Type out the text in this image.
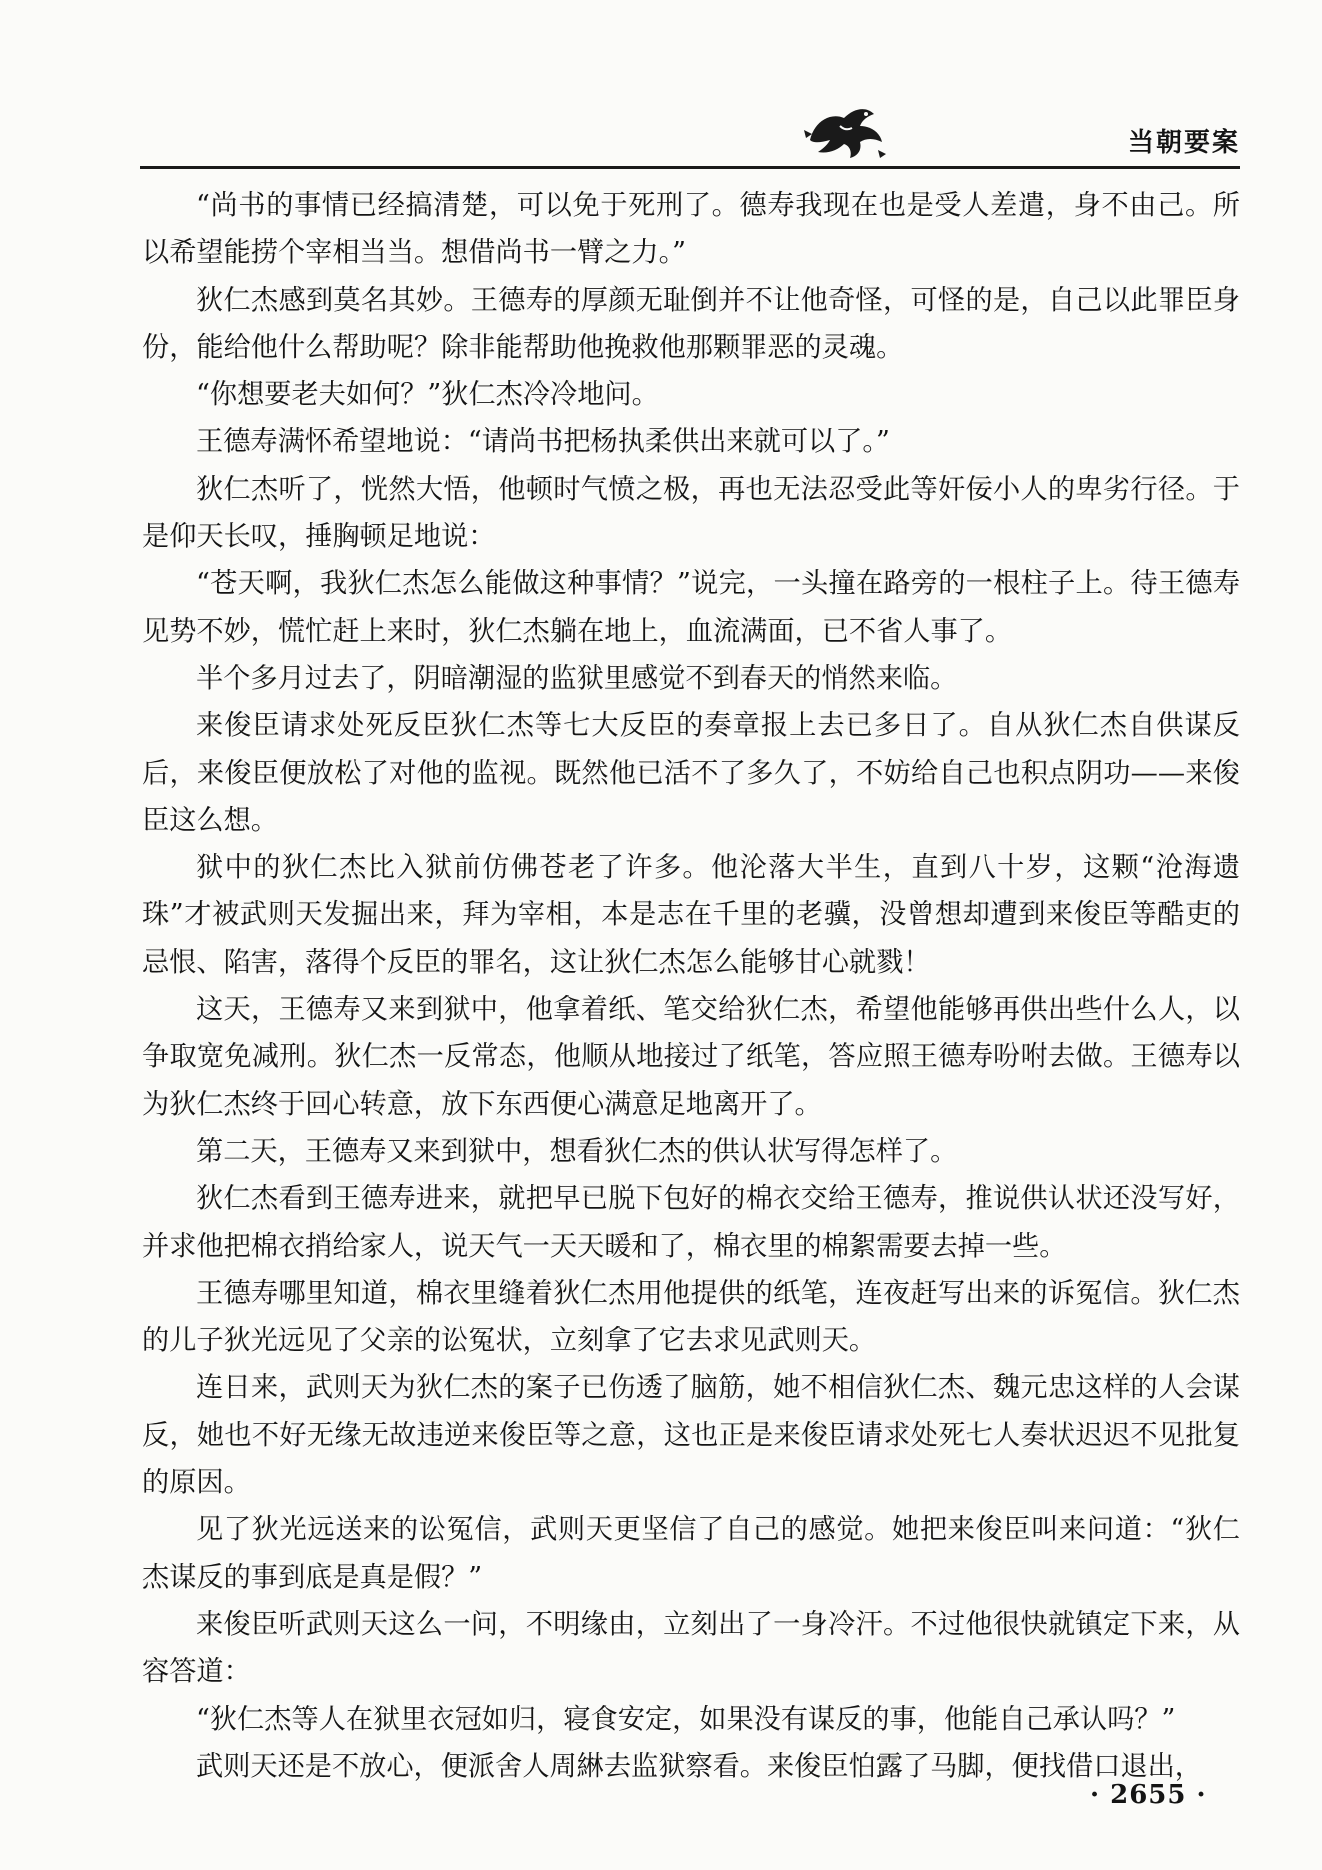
当朝要案

“尚书的事情已经搞清楚，可以免于死刑了。德寿我现在也是受人差遣，身不由己。所以希望能捞个宰相当当。想借尚书一臂之力。”

狄仁杰感到莫名其妙。王德寿的厚颜无耻倒并不让他奇怪，可怪的是，自己以此罪臣身份，能给他什么帮助呢？除非能帮助他挽救他那颗罪恶的灵魂。

“你想要老夫如何？”狄仁杰冷冷地问。

王德寿满怀希望地说：“请尚书把杨执柔供出来就可以了。”

狄仁杰听了，恍然大悟，他顿时气愤之极，再也无法忍受此等奸佞小人的卑劣行径。于是仰天长叹，捶胸顿足地说：

“苍天啊，我狄仁杰怎么能做这种事情？”说完，一头撞在路旁的一根柱子上。待王德寿见势不妙，慌忙赶上来时，狄仁杰躺在地上，血流满面，已不省人事了。

半个多月过去了，阴暗潮湿的监狱里感觉不到春天的悄然来临。

来俊臣请求处死反臣狄仁杰等七大反臣的奏章报上去已多日了。自从狄仁杰自供谋反后，来俊臣便放松了对他的监视。既然他已活不了多久了，不妨给自己也积点阴功——来俊臣这么想。

狱中的狄仁杰比入狱前仿佛苍老了许多。他沦落大半生，直到八十岁，这颗“沧海遗珠”才被武则天发掘出来，拜为宰相，本是志在千里的老骥，没曾想却遭到来俊臣等酷吏的忌恨、陷害，落得个反臣的罪名，这让狄仁杰怎么能够甘心就戮！

这天，王德寿又来到狱中，他拿着纸、笔交给狄仁杰，希望他能够再供出些什么人，以争取宽免减刑。狄仁杰一反常态，他顺从地接过了纸笔，答应照王德寿吩咐去做。王德寿以为狄仁杰终于回心转意，放下东西便心满意足地离开了。

第二天，王德寿又来到狱中，想看狄仁杰的供认状写得怎样了。

狄仁杰看到王德寿进来，就把早已脱下包好的棉衣交给王德寿，推说供认状还没写好，并求他把棉衣捎给家人，说天气一天天暖和了，棉衣里的棉絮需要去掉一些。

王德寿哪里知道，棉衣里缝着狄仁杰用他提供的纸笔，连夜赶写出来的诉冤信。狄仁杰的儿子狄光远见了父亲的讼冤状，立刻拿了它去求见武则天。

连日来，武则天为狄仁杰的案子已伤透了脑筋，她不相信狄仁杰、魏元忠这样的人会谋反，她也不好无缘无故违逆来俊臣等之意，这也正是来俊臣请求处死七人奏状迟迟不见批复的原因。

见了狄光远送来的讼冤信，武则天更坚信了自己的感觉。她把来俊臣叫来问道：“狄仁杰谋反的事到底是真是假？”

来俊臣听武则天这么一问，不明缘由，立刻出了一身冷汗。不过他很快就镇定下来，从容答道：

“狄仁杰等人在狱里衣冠如归，寝食安定，如果没有谋反的事，他能自己承认吗？”

武则天还是不放心，便派舍人周綝去监狱察看。来俊臣怕露了马脚，便找借口退出，

· 2655 ·
